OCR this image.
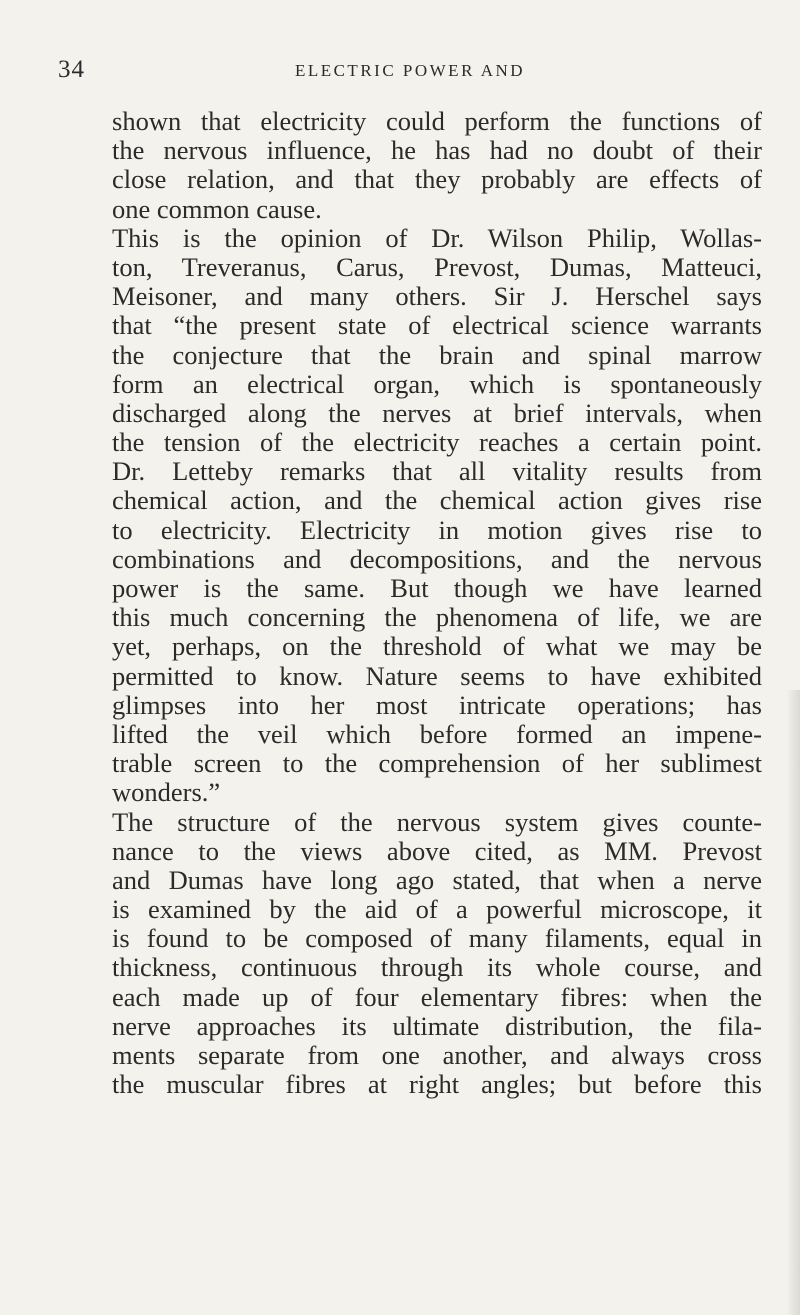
34	ELECTRIC POWER AND
shown that electricity could perform the functions of
the nervous influence, he has had no doubt of their
close relation, and that they probably are effects of
one common cause.
This is the opinion of Dr. Wilson Philip, Wollas-
ton, Treveranus, Carus, Prevost, Dumas, Matteuci,
Meisoner, and many others. Sir J. Herschel says
that “the present state of electrical science warrants
the conjecture that the brain and spinal marrow
form an electrical organ, which is spontaneously
discharged along the nerves at brief intervals, when
the tension of the electricity reaches a certain point.
Dr. Letteby remarks that all vitality results from
chemical action, and the chemical action gives rise
to electricity. Electricity in motion gives rise to
combinations and decompositions, and the nervous
power is the same. But though we have learned
this much concerning the phenomena of life, we are
yet, perhaps, on the threshold of what we may be
permitted to know. Nature seems to have exhibited
glimpses into her most intricate operations; has
lifted the veil which before formed an impene-
trable screen to the comprehension of her sublimest
wonders.”
The structure of the nervous system gives counte-
nance to the views above cited, as MM. Prevost
and Dumas have long ago stated, that when a nerve
is examined by the aid of a powerful microscope, it
is found to be composed of many filaments, equal in
thickness, continuous through its whole course, and
each made up of four elementary fibres: when the
nerve approaches its ultimate distribution, the fila-
ments separate from one another, and always cross
the muscular fibres at right angles; but before this
